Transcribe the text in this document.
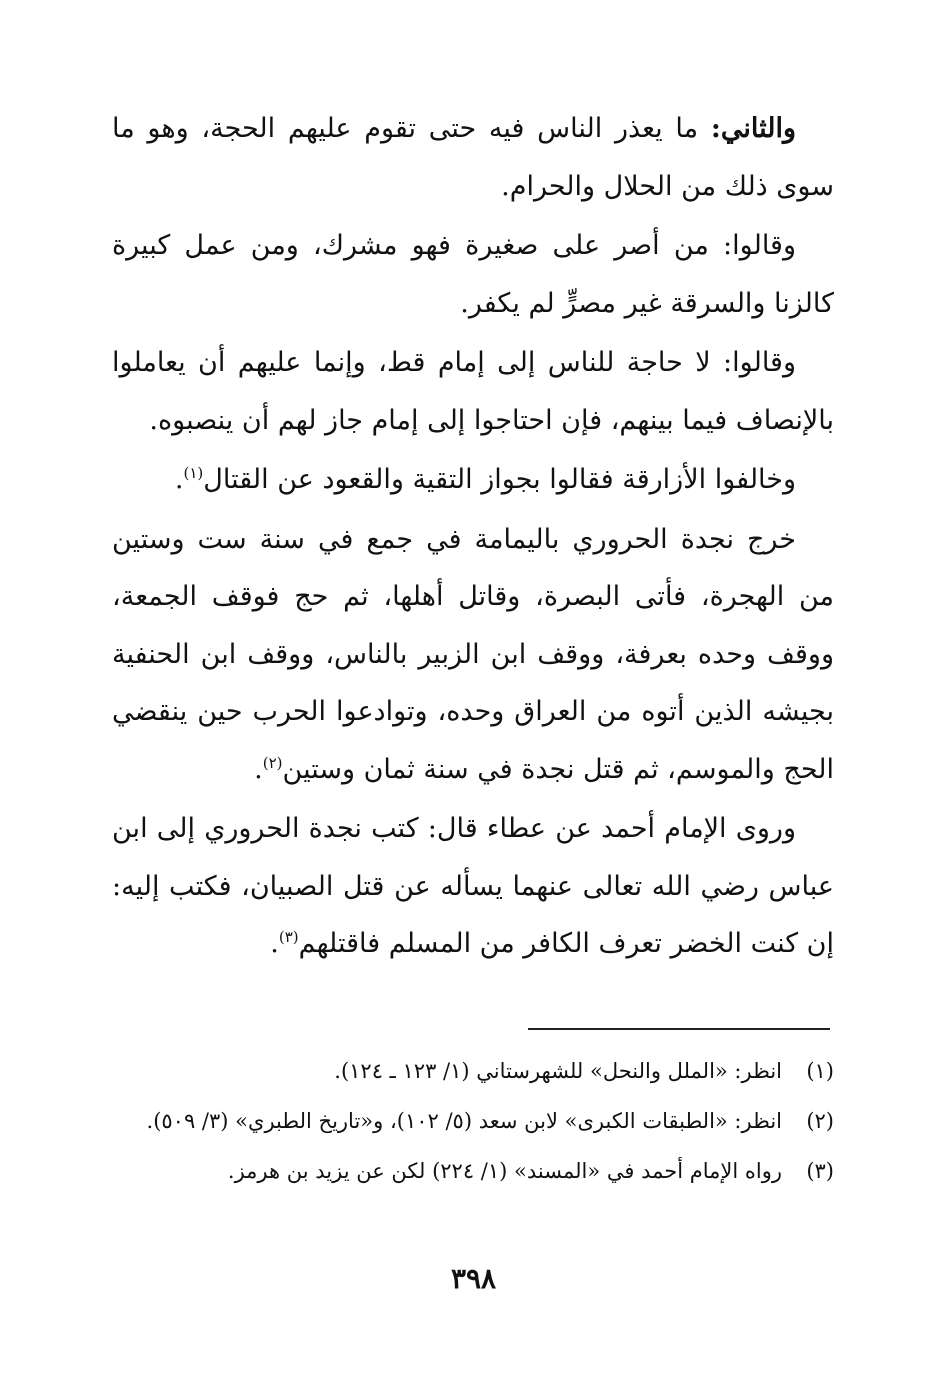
والثاني: ما يعذر الناس فيه حتى تقوم عليهم الحجة، وهو ما سوى ذلك من الحلال والحرام.

وقالوا: من أصر على صغيرة فهو مشرك، ومن عمل كبيرة كالزنا والسرقة غير مصرٍّ لم يكفر.

وقالوا: لا حاجة للناس إلى إمام قط، وإنما عليهم أن يعاملوا بالإنصاف فيما بينهم، فإن احتاجوا إلى إمام جاز لهم أن ينصبوه.

وخالفوا الأزارقة فقالوا بجواز التقية والقعود عن القتال$^{(١)}$.

خرج نجدة الحروري باليمامة في جمع في سنة ست وستين من الهجرة، فأتى البصرة، وقاتل أهلها، ثم حج فوقف الجمعة، ووقف وحده بعرفة، ووقف ابن الزبير بالناس، ووقف ابن الحنفية بجيشه الذين أتوه من العراق وحده، وتوادعوا الحرب حين ينقضي الحج والموسم، ثم قتل نجدة في سنة ثمان وستين$^{(٢)}$.

وروى الإمام أحمد عن عطاء قال: كتب نجدة الحروري إلى ابن عباس رضي الله تعالى عنهما يسأله عن قتل الصبيان، فكتب إليه: إن كنت الخضر تعرف الكافر من المسلم فاقتلهم$^{(٣)}$.

(١)
انظر: «الملل والنحل» للشهرستاني (١/ ١٢٣ ـ ١٢٤).
(٢)
انظر: «الطبقات الكبرى» لابن سعد (٥/ ١٠٢)، و«تاريخ الطبري» (٣/ ٥٠٩).
(٣)
رواه الإمام أحمد في «المسند» (١/ ٢٢٤) لكن عن يزيد بن هرمز.
٣٩٨
